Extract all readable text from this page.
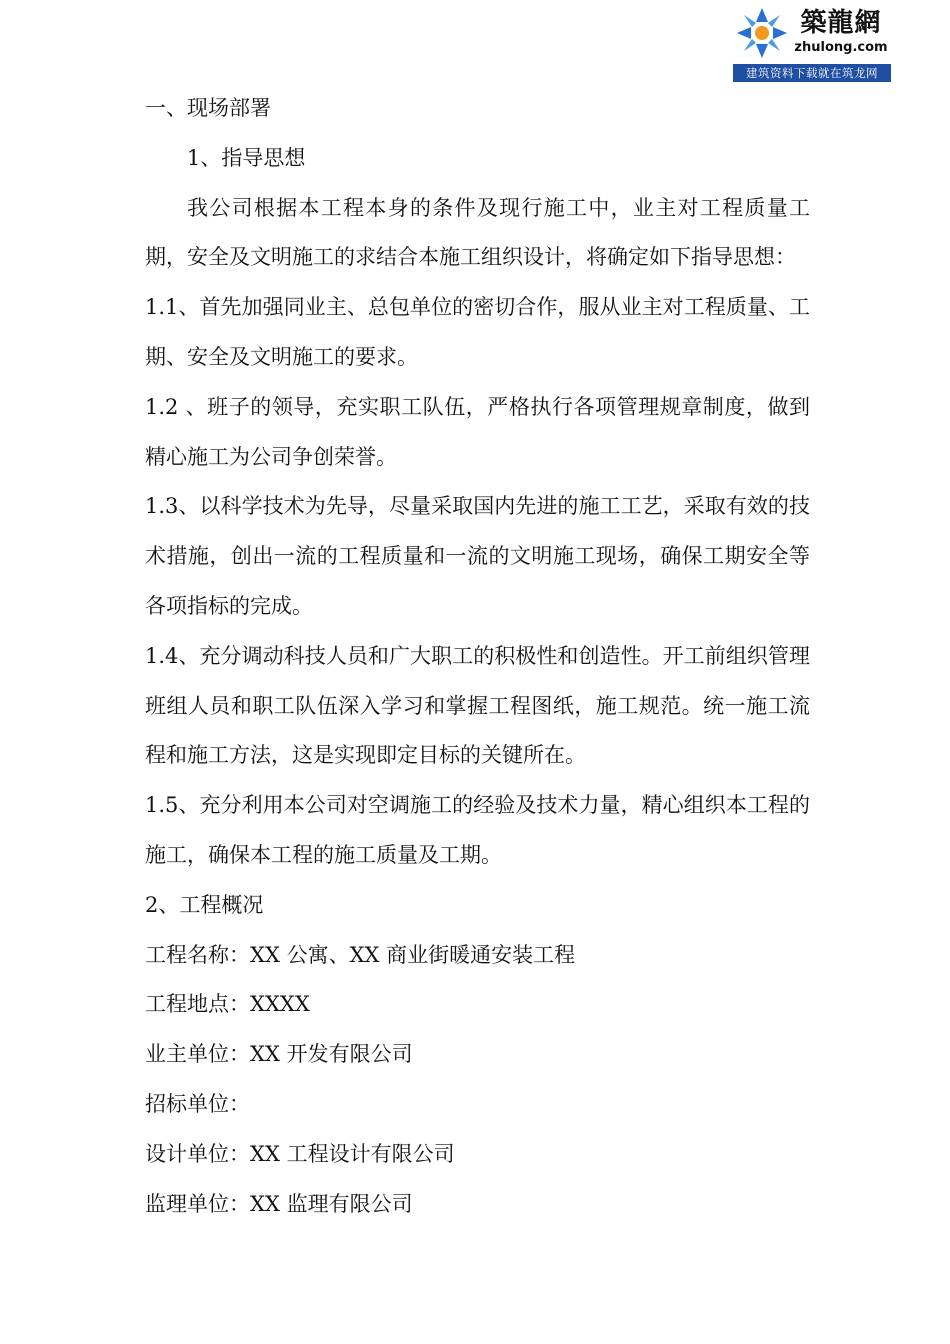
築龍網
zhulong.com
建筑资料下载就在筑龙网

一、现场部署

1、指导思想

我公司根据本工程本身的条件及现行施工中，业主对工程质量工期，安全及文明施工的求结合本施工组织设计，将确定如下指导思想：

1.1、首先加强同业主、总包单位的密切合作，服从业主对工程质量、工期、安全及文明施工的要求。

1.2 、班子的领导，充实职工队伍，严格执行各项管理规章制度，做到精心施工为公司争创荣誉。

1.3、以科学技术为先导，尽量采取国内先进的施工工艺，采取有效的技术措施，创出一流的工程质量和一流的文明施工现场，确保工期安全等各项指标的完成。

1.4、充分调动科技人员和广大职工的积极性和创造性。开工前组织管理班组人员和职工队伍深入学习和掌握工程图纸，施工规范。统一施工流程和施工方法，这是实现即定目标的关键所在。

1.5、充分利用本公司对空调施工的经验及技术力量，精心组织本工程的施工，确保本工程的施工质量及工期。

2、工程概况

工程名称：XX 公寓、XX 商业街暖通安装工程

工程地点：XXXX

业主单位：XX 开发有限公司

招标单位：

设计单位：XX 工程设计有限公司

监理单位：XX 监理有限公司
